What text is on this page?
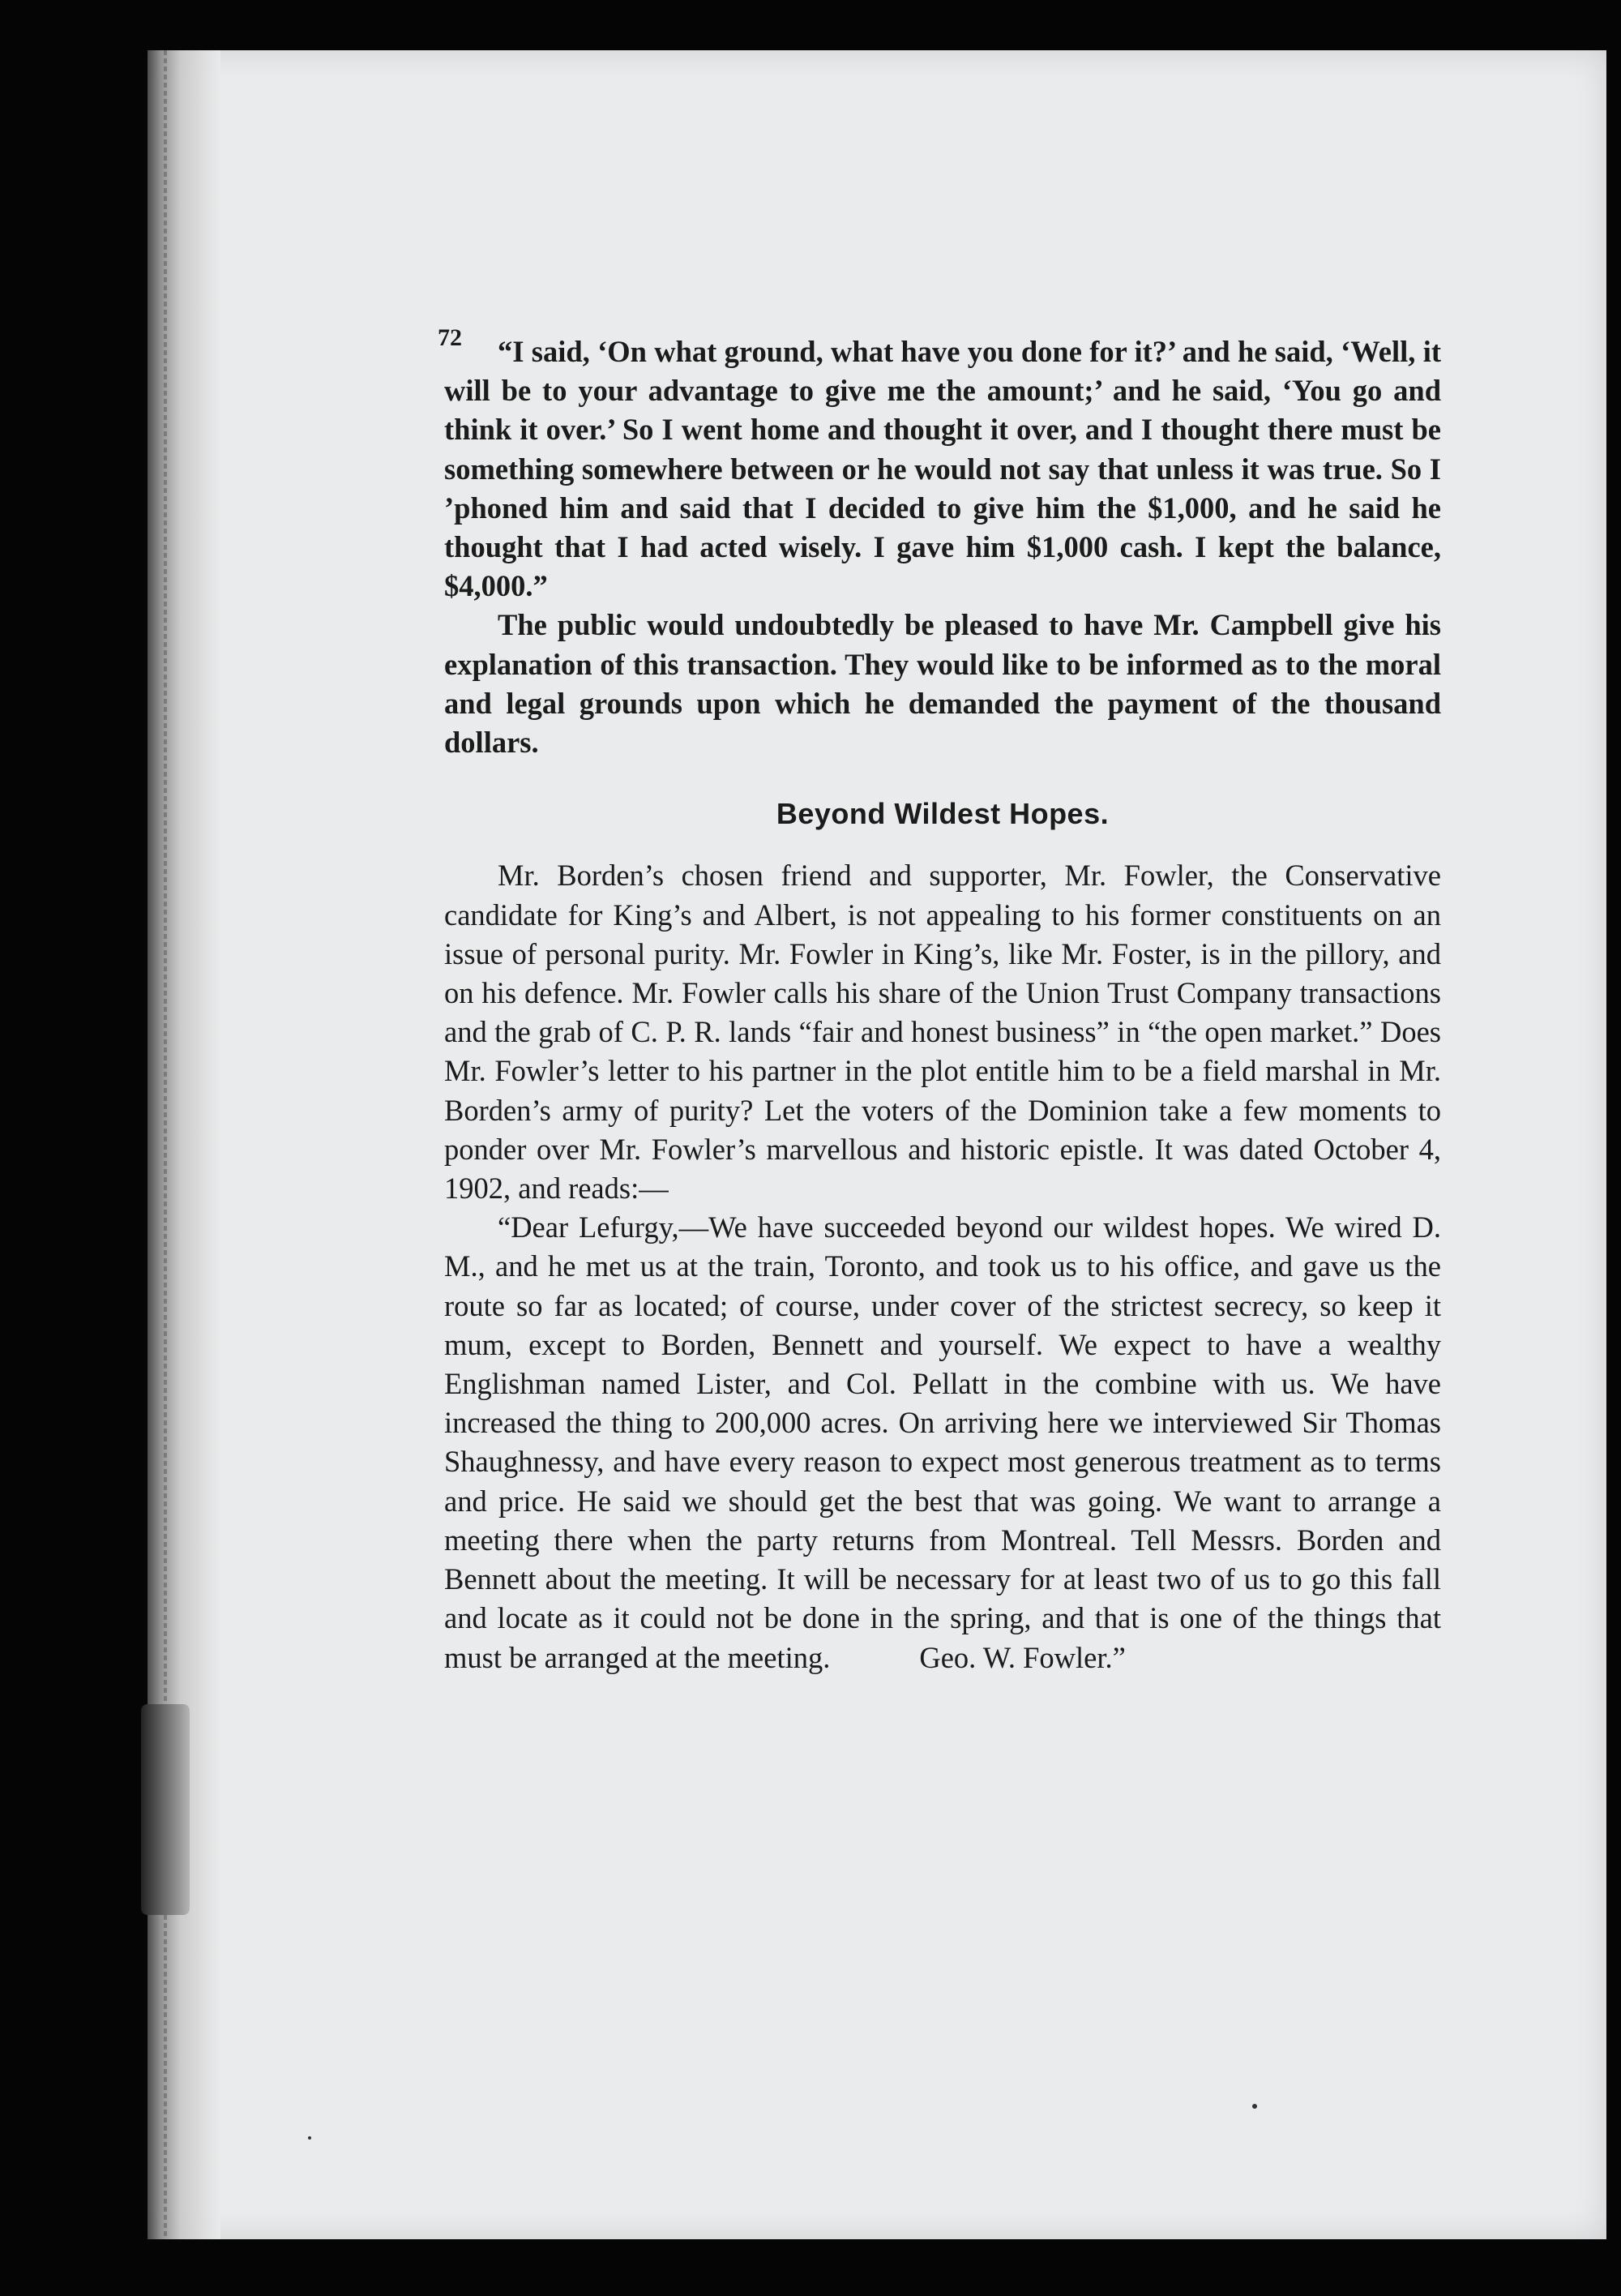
72	“I said, ‘On what ground, what have you done for it?’ and he said, ‘Well, it will be to your advantage to give me the amount;’ and he said, ‘You go and think it over.’ So I went home and thought it over, and I thought there must be something somewhere between or he would not say that unless it was true. So I ’phoned him and said that I decided to give him the $1,000, and he said he thought that I had acted wisely. I gave him $1,000 cash. I kept the balance, $4,000.”

The public would undoubtedly be pleased to have Mr. Campbell give his explanation of this transaction. They would like to be informed as to the moral and legal grounds upon which he demanded the payment of the thousand dollars.

Beyond Wildest Hopes.

Mr. Borden’s chosen friend and supporter, Mr. Fowler, the Conservative candidate for King’s and Albert, is not appealing to his former constituents on an issue of personal purity. Mr. Fowler in King’s, like Mr. Foster, is in the pillory, and on his defence. Mr. Fowler calls his share of the Union Trust Company transactions and the grab of C. P. R. lands “fair and honest business” in “the open market.” Does Mr. Fowler’s letter to his partner in the plot entitle him to be a field marshal in Mr. Borden’s army of purity? Let the voters of the Dominion take a few moments to ponder over Mr. Fowler’s marvellous and historic epistle. It was dated October 4, 1902, and reads:—

“Dear Lefurgy,—We have succeeded beyond our wildest hopes. We wired D. M., and he met us at the train, Toronto, and took us to his office, and gave us the route so far as located; of course, under cover of the strictest secrecy, so keep it mum, except to Borden, Bennett and yourself. We expect to have a wealthy Englishman named Lister, and Col. Pellatt in the combine with us. We have increased the thing to 200,000 acres. On arriving here we interviewed Sir Thomas Shaughnessy, and have every reason to expect most generous treatment as to terms and price. He said we should get the best that was going. We want to arrange a meeting there when the party returns from Montreal. Tell Messrs. Borden and Bennett about the meeting. It will be necessary for at least two of us to go this fall and locate as it could not be done in the spring, and that is one of the things that must be arranged at the meeting.	Geo. W. Fowler.”
